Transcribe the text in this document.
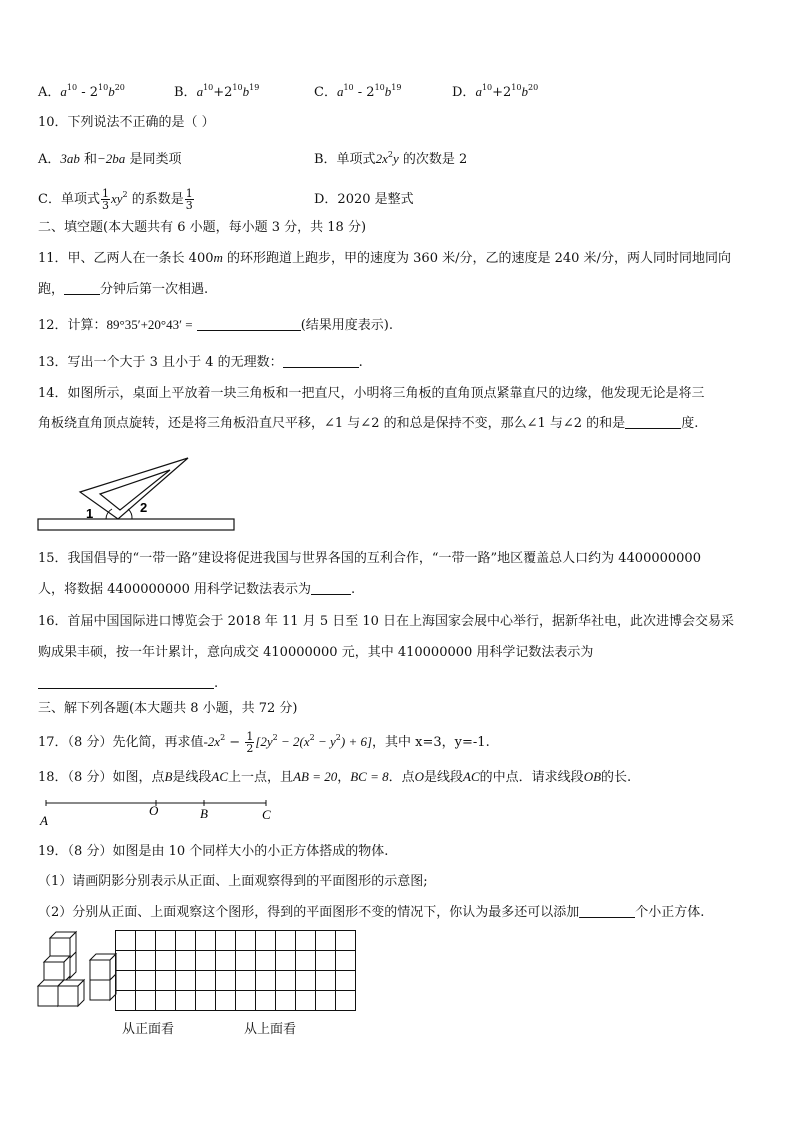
A．$a^{10} - 2^{10}b^{20}$	B．$a^{10}+2^{10}b^{19}$	C．$a^{10} - 2^{10}b^{19}$	D．$a^{10}+2^{10}b^{20}$
10．下列说法不正确的是（ ）
A．3ab 和−2ba 是同类项	B．单项式$2x^2y$ 的次数是 2
C．单项式 $\frac{1}{3} xy^2$ 的系数是 $\frac{1}{3}$	D．2020 是整式
二、填空题(本大题共有 6 小题，每小题 3 分，共 18 分)
11．甲、乙两人在一条长 400m 的环形跑道上跑步，甲的速度为 360 米/分，乙的速度是 240 米/分，两人同时同地同向
跑，	分钟后第一次相遇.
12．计算：89°35′+20°43′ =	(结果用度表示).
13．写出一个大于 3 且小于 4 的无理数：	.
14．如图所示，桌面上平放着一块三角板和一把直尺，小明将三角板的直角顶点紧靠直尺的边缘，他发现无论是将三
角板绕直角顶点旋转，还是将三角板沿直尺平移，∠1 与∠2 的和总是保持不变，那么∠1 与∠2 的和是	度.
1	2
15．我国倡导的“一带一路”建设将促进我国与世界各国的互利合作，“一带一路”地区覆盖总人口约为 4400000000
人，将数据 4400000000 用科学记数法表示为	.
16．首届中国国际进口博览会于 2018 年 11 月 5 日至 10 日在上海国家会展中心举行，据新华社电，此次进博会交易采
购成果丰硕，按一年计累计，意向成交 410000000 元，其中 410000000 用科学记数法表示为
.
三、解下列各题(本大题共 8 小题，共 72 分)
17．（8 分）先化简，再求值$-2x^2 - \frac{1}{2} [2y^2 - 2(x^2 - y^2) + 6]$，其中 x=3，y=-1.
18．（8 分）如图，点B是线段AC上一点，且AB = 20，BC = 8．点O是线段AC的中点．请求线段OB的长.
A
O	B	C
19．（8 分）如图是由 10 个同样大小的小正方体搭成的物体.
（1）请画阴影分别表示从正面、上面观察得到的平面图形的示意图;
（2）分别从正面、上面观察这个图形，得到的平面图形不变的情况下，你认为最多还可以添加	个小正方体.
从正面看	从上面看
